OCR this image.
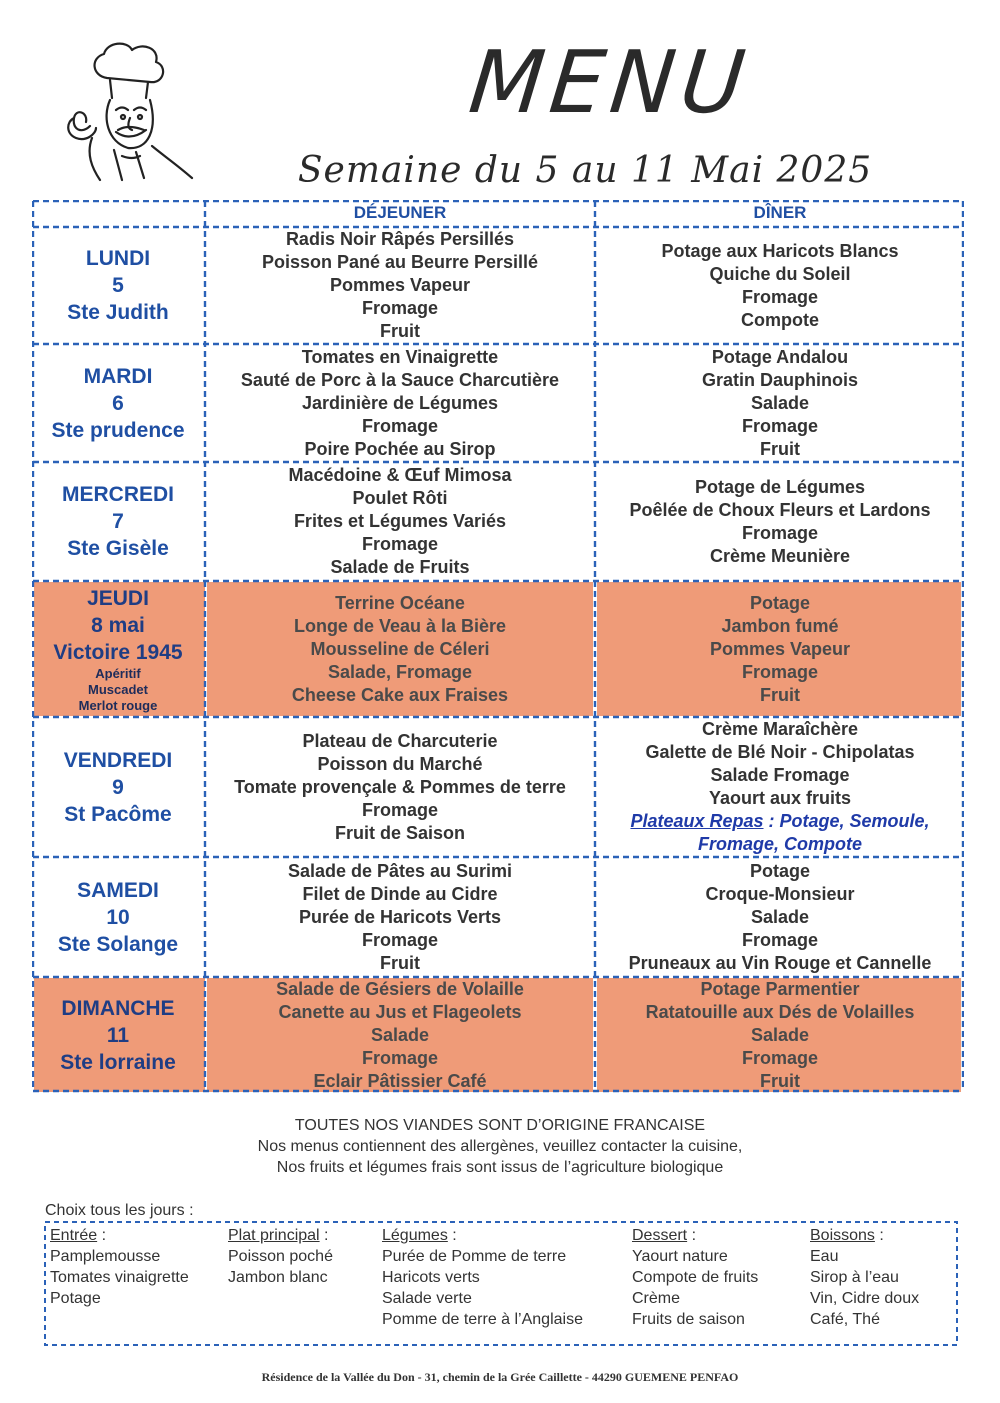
MENU
Semaine du 5 au 11 Mai 2025
DÉJEUNER	DÎNER
LUNDI
5
Ste Judith
Radis Noir Râpés Persillés
Poisson Pané au Beurre Persillé
Pommes Vapeur
Fromage
Fruit
Potage aux Haricots Blancs
Quiche du Soleil
Fromage
Compote
MARDI
6
Ste prudence
Tomates en Vinaigrette
Sauté de Porc à la Sauce Charcutière
Jardinière de Légumes
Fromage
Poire Pochée au Sirop
Potage Andalou
Gratin Dauphinois
Salade
Fromage
Fruit
MERCREDI
7
Ste Gisèle
Macédoine & Œuf Mimosa
Poulet Rôti
Frites et Légumes Variés
Fromage
Salade de Fruits
Potage de Légumes
Poêlée de Choux Fleurs et Lardons
Fromage
Crème Meunière
JEUDI
8 mai
Victoire 1945
Apéritif
Muscadet
Merlot rouge
Terrine Océane
Longe de Veau à la Bière
Mousseline de Céleri
Salade, Fromage
Cheese Cake aux Fraises
Potage
Jambon fumé
Pommes Vapeur
Fromage
Fruit
VENDREDI
9
St Pacôme
Plateau de Charcuterie
Poisson du Marché
Tomate provençale & Pommes de terre
Fromage
Fruit de Saison
Crème Maraîchère
Galette de Blé Noir - Chipolatas
Salade Fromage
Yaourt aux fruits
Plateaux Repas : Potage, Semoule,
Fromage, Compote
SAMEDI
10
Ste Solange
Salade de Pâtes au Surimi
Filet de Dinde au Cidre
Purée de Haricots Verts
Fromage
Fruit
Potage
Croque-Monsieur
Salade
Fromage
Pruneaux au Vin Rouge et Cannelle
DIMANCHE
11
Ste lorraine
Salade de Gésiers de Volaille
Canette au Jus et Flageolets
Salade
Fromage
Eclair Pâtissier Café
Potage Parmentier
Ratatouille aux Dés de Volailles
Salade
Fromage
Fruit
TOUTES NOS VIANDES SONT D’ORIGINE FRANCAISE
Nos menus contiennent des allergènes, veuillez contacter la cuisine,
Nos fruits et légumes frais sont issus de l’agriculture biologique
Choix tous les jours :
Entrée :
Pamplemousse
Tomates vinaigrette
Potage
Plat principal :
Poisson poché
Jambon blanc
Légumes :
Purée de Pomme de terre
Haricots verts
Salade verte
Pomme de terre à l’Anglaise
Dessert :
Yaourt nature
Compote de fruits
Crème
Fruits de saison
Boissons :
Eau
Sirop à l’eau
Vin, Cidre doux
Café, Thé
Résidence de la Vallée du Don - 31, chemin de la Grée Caillette - 44290 GUEMENE PENFAO
